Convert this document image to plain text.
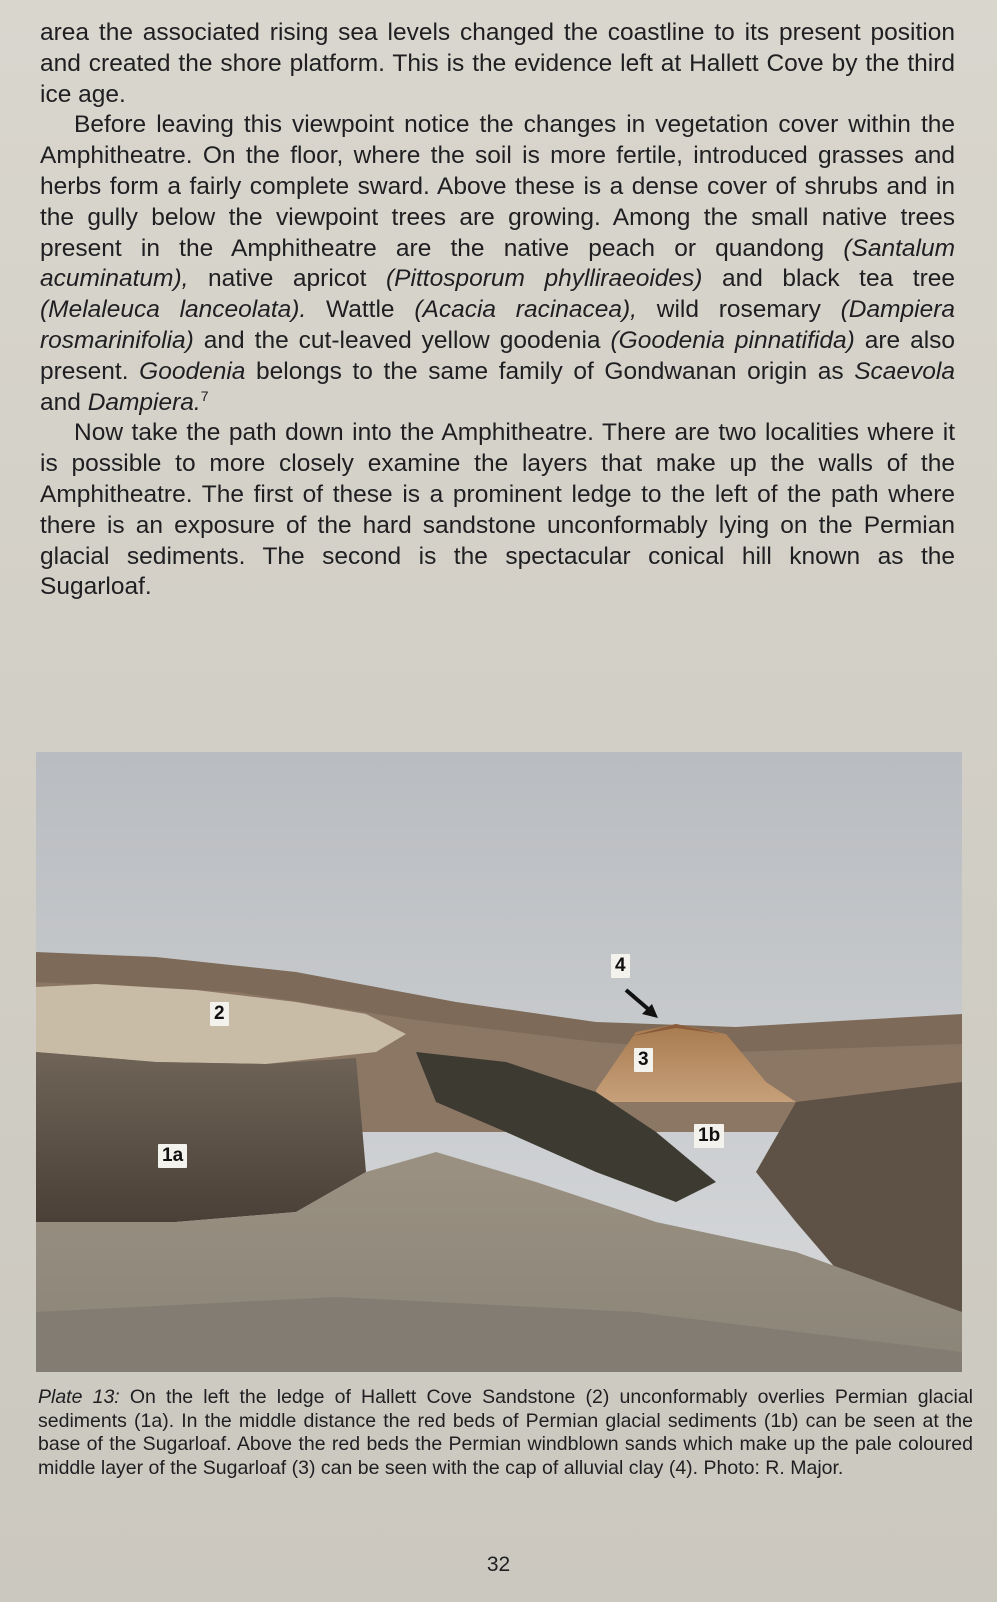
area the associated rising sea levels changed the coastline to its present position and created the shore platform. This is the evidence left at Hallett Cove by the third ice age.

Before leaving this viewpoint notice the changes in vegetation cover within the Amphitheatre. On the floor, where the soil is more fertile, introduced grasses and herbs form a fairly complete sward. Above these is a dense cover of shrubs and in the gully below the viewpoint trees are growing. Among the small native trees present in the Amphitheatre are the native peach or quandong (Santalum acuminatum), native apricot (Pittosporum phylliraeoides) and black tea tree (Melaleuca lanceolata). Wattle (Acacia racinacea), wild rosemary (Dampiera rosmarinifolia) and the cut-leaved yellow goodenia (Goodenia pinnatifida) are also present. Goodenia belongs to the same family of Gondwanan origin as Scaevola and Dampiera.$^7$

Now take the path down into the Amphitheatre. There are two localities where it is possible to more closely examine the layers that make up the walls of the Amphitheatre. The first of these is a prominent ledge to the left of the path where there is an exposure of the hard sandstone unconformably lying on the Permian glacial sediments. The second is the spectacular conical hill known as the Sugarloaf.

2
1a
4
3
1b
Plate 13: On the left the ledge of Hallett Cove Sandstone (2) unconformably overlies Permian glacial sediments (1a). In the middle distance the red beds of Permian glacial sediments (1b) can be seen at the base of the Sugarloaf. Above the red beds the Permian windblown sands which make up the pale coloured middle layer of the Sugarloaf (3) can be seen with the cap of alluvial clay (4). Photo: R. Major.
32
